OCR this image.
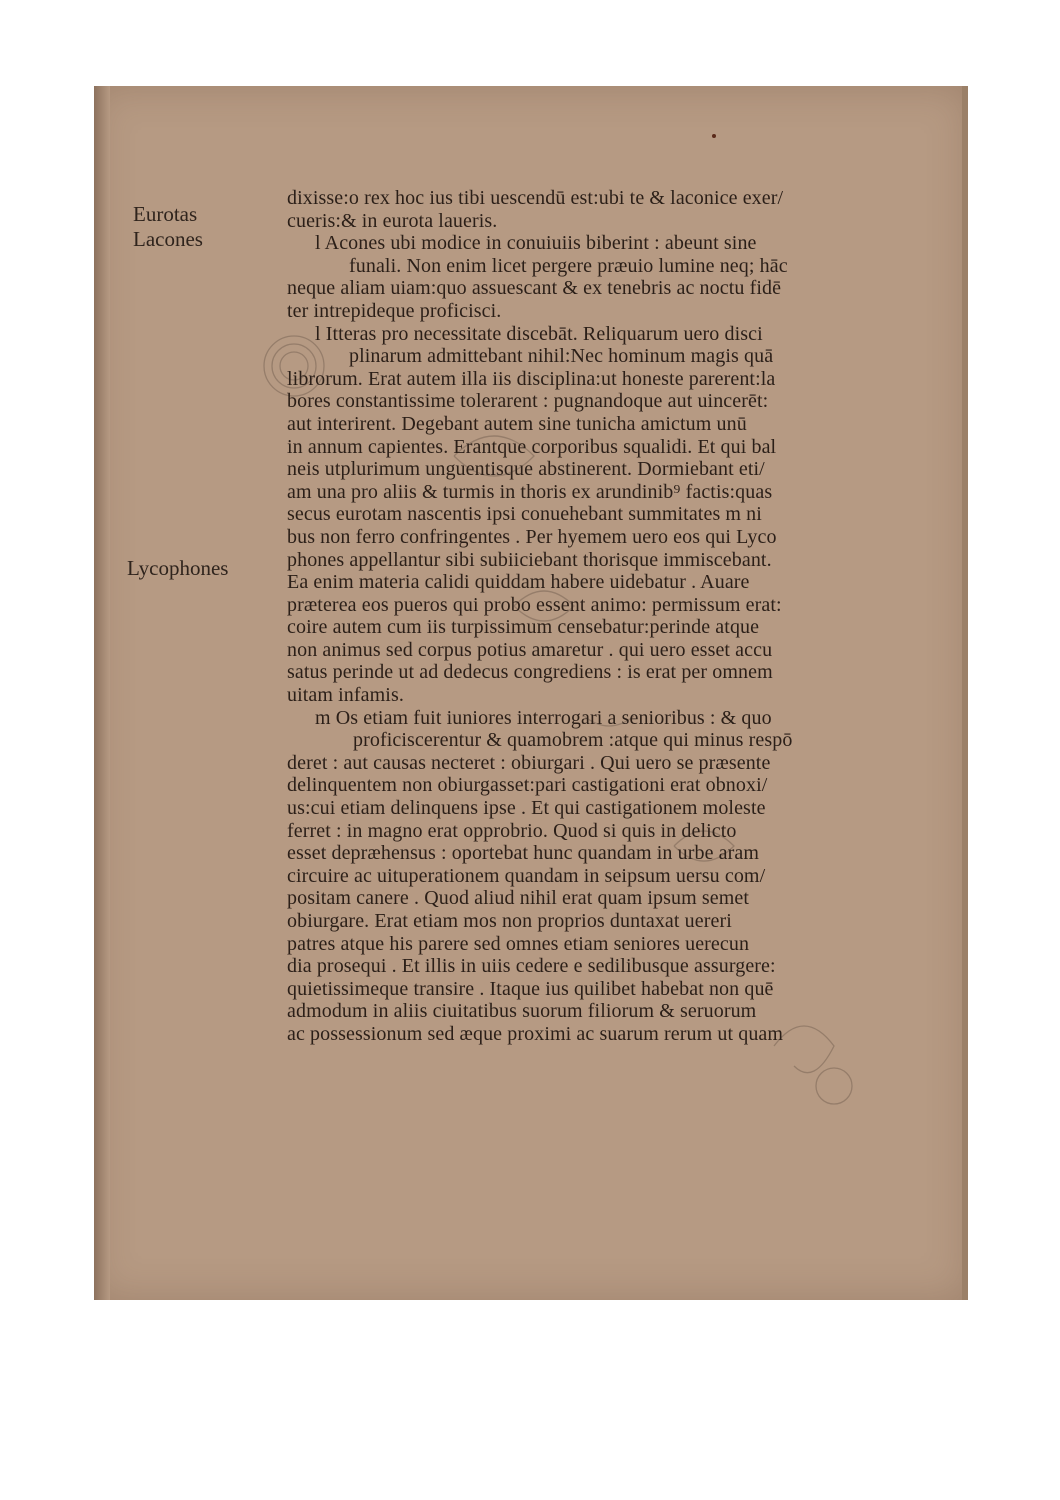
Eurotas
Lacones
Lycophones
dixisse:o rex hoc ius tibi uescendū est:ubi te & laconice exer/
cueris:& in eurota laueris.
l Acones ubi modice in conuiuiis biberint : abeunt sine
funali. Non enim licet pergere præuio lumine neq; hāc
neque aliam uiam:quo assuescant & ex tenebris ac noctu fidē
ter intrepideque proficisci.
l Itteras pro necessitate discebāt. Reliquarum uero disci
plinarum admittebant nihil:Nec hominum magis quā
librorum. Erat autem illa iis disciplina:ut honeste parerent:la
bores constantissime tolerarent : pugnandoque aut uincerēt:
aut interirent. Degebant autem sine tunicha amictum unū
in annum capientes. Erantque corporibus squalidi. Et qui bal
neis utplurimum unguentisque abstinerent. Dormiebant eti/
am una pro aliis & turmis in thoris ex arundinib⁹ factis:quas
secus eurotam nascentis ipsi conuehebant summitates m ni
bus non ferro confringentes . Per hyemem uero eos qui Lyco
phones appellantur sibi subiiciebant thorisque immiscebant.
Ea enim materia calidi quiddam habere uidebatur . Auare
præterea eos pueros qui probo essent animo: permissum erat:
coire autem cum iis turpissimum censebatur:perinde atque
non animus sed corpus potius amaretur . qui uero esset accu
satus perinde ut ad dedecus congrediens : is erat per omnem
uitam infamis.
m Os etiam fuit iuniores interrogari a senioribus : & quo
proficiscerentur & quamobrem :atque qui minus respō
deret : aut causas necteret : obiurgari . Qui uero se præsente
delinquentem non obiurgasset:pari castigationi erat obnoxi/
us:cui etiam delinquens ipse . Et qui castigationem moleste
ferret : in magno erat opprobrio. Quod si quis in delicto
esset depræhensus : oportebat hunc quandam in urbe aram
circuire ac uituperationem quandam in seipsum uersu com/
positam canere . Quod aliud nihil erat quam ipsum semet
obiurgare. Erat etiam mos non proprios duntaxat uereri
patres atque his parere sed omnes etiam seniores uerecun
dia prosequi . Et illis in uiis cedere e sedilibusque assurgere:
quietissimeque transire . Itaque ius quilibet habebat non quē
admodum in aliis ciuitatibus suorum filiorum & seruorum
ac possessionum sed æque proximi ac suarum rerum ut quam
